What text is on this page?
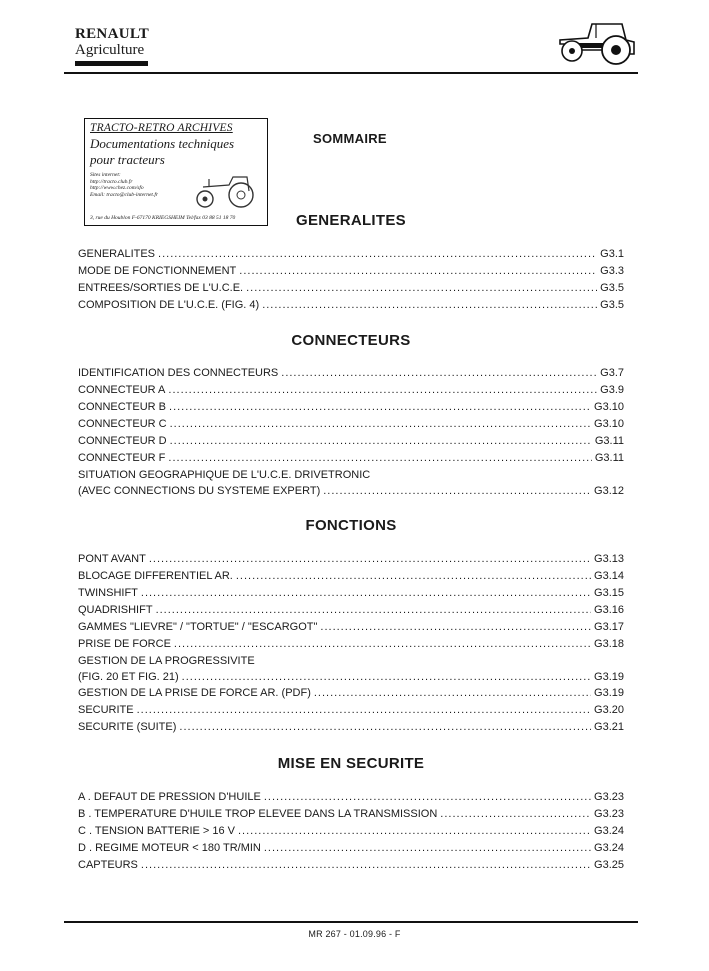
RENAULT
Agriculture
TRACTO-RETRO ARCHIVES
Documentations techniques
pour tracteurs
Sites internet:
http://tracto.club.fr
http://www.chez.com/sfo
Email: tracto@club-internet.fr
3, rue du Houblon F-67170 KRIEGSHEIM Tel/fax 03 88 51 18 70
SOMMAIRE
GENERALITES
CONNECTEURS
FONCTIONS
MISE EN SECURITE
GENERALITES .....	G3.1
MODE DE FONCTIONNEMENT .....	G3.3
ENTREES/SORTIES DE L'U.C.E. .....	G3.5
COMPOSITION DE L'U.C.E. (FIG. 4) .....	G3.5
IDENTIFICATION DES CONNECTEURS .....	G3.7
CONNECTEUR A .....	G3.9
CONNECTEUR B .....	G3.10
CONNECTEUR C .....	G3.10
CONNECTEUR D .....	G3.11
CONNECTEUR F .....	G3.11
SITUATION GEOGRAPHIQUE DE L'U.C.E. DRIVETRONIC
(AVEC CONNECTIONS DU SYSTEME EXPERT) .....	G3.12
PONT AVANT .....	G3.13
BLOCAGE DIFFERENTIEL AR. .....	G3.14
TWINSHIFT .....	G3.15
QUADRISHIFT .....	G3.16
GAMMES "LIEVRE" / "TORTUE" / "ESCARGOT" .....	G3.17
PRISE DE FORCE .....	G3.18
GESTION DE LA PROGRESSIVITE
(FIG. 20 ET FIG. 21) .....	G3.19
GESTION DE LA PRISE DE FORCE AR. (PDF) .....	G3.19
SECURITE .....	G3.20
SECURITE (SUITE) .....	G3.21
A . DEFAUT DE PRESSION D'HUILE .....	G3.23
B . TEMPERATURE D'HUILE TROP ELEVEE DANS LA TRANSMISSION .....	G3.23
C . TENSION BATTERIE > 16 V .....	G3.24
D . REGIME MOTEUR < 180 TR/MIN .....	G3.24
CAPTEURS .....	G3.25
MR 267 - 01.09.96 - F
